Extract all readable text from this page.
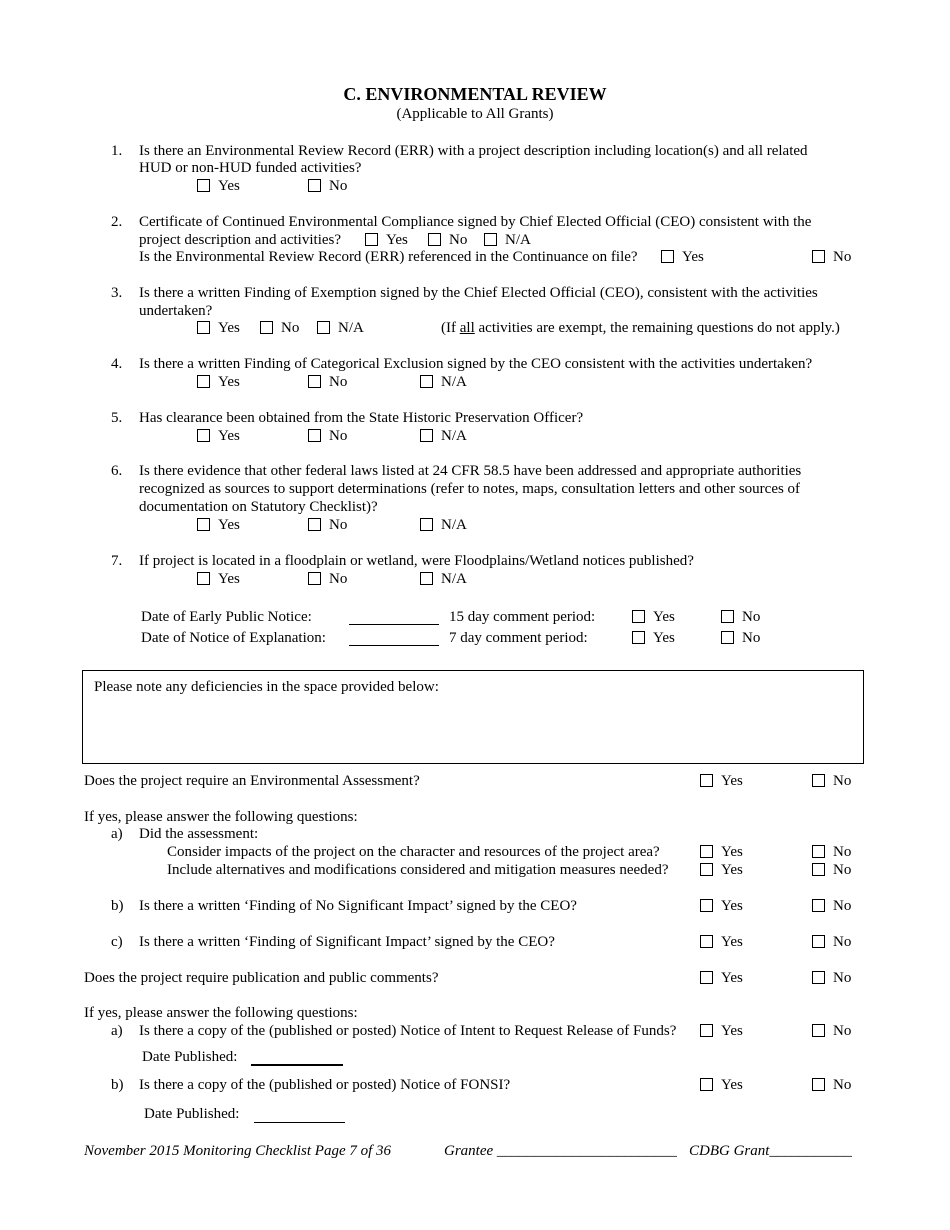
C. ENVIRONMENTAL REVIEW
(Applicable to All Grants)
1. Is there an Environmental Review Record (ERR) with a project description including location(s) and all related
HUD or non-HUD funded activities?
Yes	No
2. Certificate of Continued Environmental Compliance signed by Chief Elected Official (CEO) consistent with the
project description and activities?	Yes	No	N/A
Is the Environmental Review Record (ERR) referenced in the Continuance on file?	Yes	No
3. Is there a written Finding of Exemption signed by the Chief Elected Official (CEO), consistent with the activities
undertaken?
Yes	No	N/A	(If all activities are exempt, the remaining questions do not apply.)
4. Is there a written Finding of Categorical Exclusion signed by the CEO consistent with the activities undertaken?
Yes	No	N/A
5. Has clearance been obtained from the State Historic Preservation Officer?
Yes	No	N/A
6. Is there evidence that other federal laws listed at 24 CFR 58.5 have been addressed and appropriate authorities
recognized as sources to support determinations (refer to notes, maps, consultation letters and other sources of
documentation on Statutory Checklist)?
Yes	No	N/A
7. If project is located in a floodplain or wetland, were Floodplains/Wetland notices published?
Yes	No	N/A
Date of Early Public Notice:	15 day comment period:	Yes	No
Date of Notice of Explanation:	7 day comment period:	Yes	No
Please note any deficiencies in the space provided below:
Does the project require an Environmental Assessment?	Yes	No
If yes, please answer the following questions:
a) Did the assessment:
Consider impacts of the project on the character and resources of the project area?	Yes	No
Include alternatives and modifications considered and mitigation measures needed?	Yes	No
b) Is there a written ‘Finding of No Significant Impact’ signed by the CEO?	Yes	No
c) Is there a written ‘Finding of Significant Impact’ signed by the CEO?	Yes	No
Does the project require publication and public comments?	Yes	No
If yes, please answer the following questions:
a) Is there a copy of the (published or posted) Notice of Intent to Request Release of Funds?	Yes	No
Date Published:
b) Is there a copy of the (published or posted) Notice of FONSI?	Yes	No
Date Published:
November 2015 Monitoring Checklist Page 7 of 36	Grantee ________________________ CDBG Grant___________
